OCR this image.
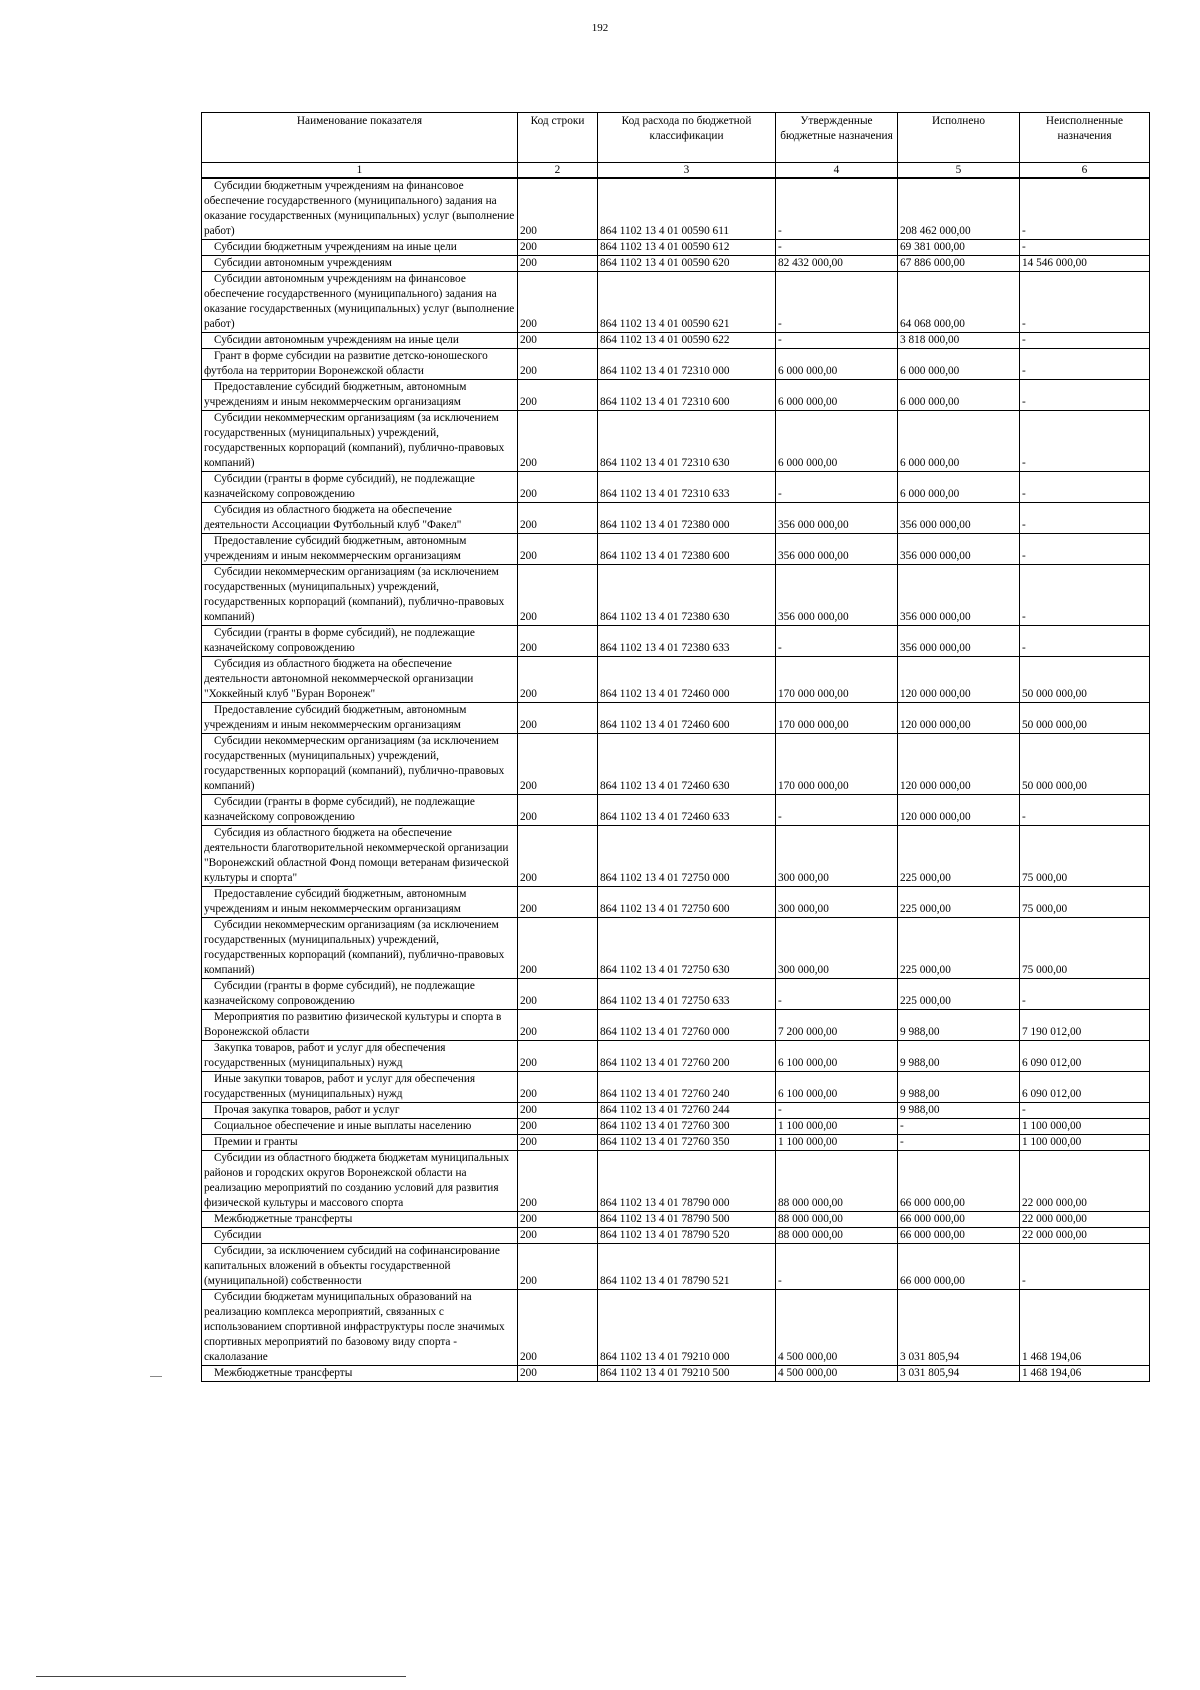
192
Наименование показателя	Код строки	Код расхода по бюджетной классификации	Утвержденные бюджетные назначения	Исполнено	Неисполненные назначения
1	2	3	4	5	6

Субсидии бюджетным учреждениям на финансовое обеспечение государственного (муниципального) задания на оказание государственных (муниципальных) услуг (выполнение работ)	200	864 1102 13 4 01 00590 611	-	208 462 000,00	-

Субсидии бюджетным учреждениям на иные цели	200	864 1102 13 4 01 00590 612	-	69 381 000,00	-

Субсидии автономным учреждениям	200	864 1102 13 4 01 00590 620	82 432 000,00	67 886 000,00	14 546 000,00

Субсидии автономным учреждениям на финансовое обеспечение государственного (муниципального) задания на оказание государственных (муниципальных) услуг (выполнение работ)	200	864 1102 13 4 01 00590 621	-	64 068 000,00	-

Субсидии автономным учреждениям на иные цели	200	864 1102 13 4 01 00590 622	-	3 818 000,00	-

Грант в форме субсидии на развитие детско-юношеского футбола на территории Воронежской области	200	864 1102 13 4 01 72310 000	6 000 000,00	6 000 000,00	-

Предоставление субсидий бюджетным, автономным учреждениям и иным некоммерческим организациям	200	864 1102 13 4 01 72310 600	6 000 000,00	6 000 000,00	-

Субсидии некоммерческим организациям (за исключением государственных (муниципальных) учреждений, государственных корпораций (компаний), публично-правовых компаний)	200	864 1102 13 4 01 72310 630	6 000 000,00	6 000 000,00	-

Субсидии (гранты в форме субсидий), не подлежащие казначейскому сопровождению	200	864 1102 13 4 01 72310 633	-	6 000 000,00	-

Субсидия из областного бюджета на обеспечение деятельности Ассоциации Футбольный клуб "Факел"	200	864 1102 13 4 01 72380 000	356 000 000,00	356 000 000,00	-

Предоставление субсидий бюджетным, автономным учреждениям и иным некоммерческим организациям	200	864 1102 13 4 01 72380 600	356 000 000,00	356 000 000,00	-

Субсидии некоммерческим организациям (за исключением государственных (муниципальных) учреждений, государственных корпораций (компаний), публично-правовых компаний)	200	864 1102 13 4 01 72380 630	356 000 000,00	356 000 000,00	-

Субсидии (гранты в форме субсидий), не подлежащие казначейскому сопровождению	200	864 1102 13 4 01 72380 633	-	356 000 000,00	-

Субсидия из областного бюджета на обеспечение деятельности автономной некоммерческой организации "Хоккейный клуб "Буран Воронеж"	200	864 1102 13 4 01 72460 000	170 000 000,00	120 000 000,00	50 000 000,00

Предоставление субсидий бюджетным, автономным учреждениям и иным некоммерческим организациям	200	864 1102 13 4 01 72460 600	170 000 000,00	120 000 000,00	50 000 000,00

Субсидии некоммерческим организациям (за исключением государственных (муниципальных) учреждений, государственных корпораций (компаний), публично-правовых компаний)	200	864 1102 13 4 01 72460 630	170 000 000,00	120 000 000,00	50 000 000,00

Субсидии (гранты в форме субсидий), не подлежащие казначейскому сопровождению	200	864 1102 13 4 01 72460 633	-	120 000 000,00	-

Субсидия из областного бюджета на обеспечение деятельности благотворительной некоммерческой организации "Воронежский областной Фонд помощи ветеранам физической культуры и спорта"	200	864 1102 13 4 01 72750 000	300 000,00	225 000,00	75 000,00

Предоставление субсидий бюджетным, автономным учреждениям и иным некоммерческим организациям	200	864 1102 13 4 01 72750 600	300 000,00	225 000,00	75 000,00

Субсидии некоммерческим организациям (за исключением государственных (муниципальных) учреждений, государственных корпораций (компаний), публично-правовых компаний)	200	864 1102 13 4 01 72750 630	300 000,00	225 000,00	75 000,00

Субсидии (гранты в форме субсидий), не подлежащие казначейскому сопровождению	200	864 1102 13 4 01 72750 633	-	225 000,00	-

Мероприятия по развитию физической культуры и спорта в Воронежской области	200	864 1102 13 4 01 72760 000	7 200 000,00	9 988,00	7 190 012,00

Закупка товаров, работ и услуг для обеспечения государственных (муниципальных) нужд	200	864 1102 13 4 01 72760 200	6 100 000,00	9 988,00	6 090 012,00

Иные закупки товаров, работ и услуг для обеспечения государственных (муниципальных) нужд	200	864 1102 13 4 01 72760 240	6 100 000,00	9 988,00	6 090 012,00

Прочая закупка товаров, работ и услуг	200	864 1102 13 4 01 72760 244	-	9 988,00	-

Социальное обеспечение и иные выплаты населению	200	864 1102 13 4 01 72760 300	1 100 000,00	-	1 100 000,00

Премии и гранты	200	864 1102 13 4 01 72760 350	1 100 000,00	-	1 100 000,00

Субсидии из областного бюджета бюджетам муниципальных районов и городских округов Воронежской области на реализацию мероприятий по созданию условий для развития физической культуры и массового спорта	200	864 1102 13 4 01 78790 000	88 000 000,00	66 000 000,00	22 000 000,00

Межбюджетные трансферты	200	864 1102 13 4 01 78790 500	88 000 000,00	66 000 000,00	22 000 000,00

Субсидии	200	864 1102 13 4 01 78790 520	88 000 000,00	66 000 000,00	22 000 000,00

Субсидии, за исключением субсидий на софинансирование капитальных вложений в объекты государственной (муниципальной) собственности	200	864 1102 13 4 01 78790 521	-	66 000 000,00	-

Субсидии бюджетам муниципальных образований на реализацию комплекса мероприятий, связанных с использованием спортивной инфраструктуры после значимых спортивных мероприятий по базовому виду спорта - скалолазание	200	864 1102 13 4 01 79210 000	4 500 000,00	3 031 805,94	1 468 194,06

Межбюджетные трансферты	200	864 1102 13 4 01 79210 500	4 500 000,00	3 031 805,94	1 468 194,06
